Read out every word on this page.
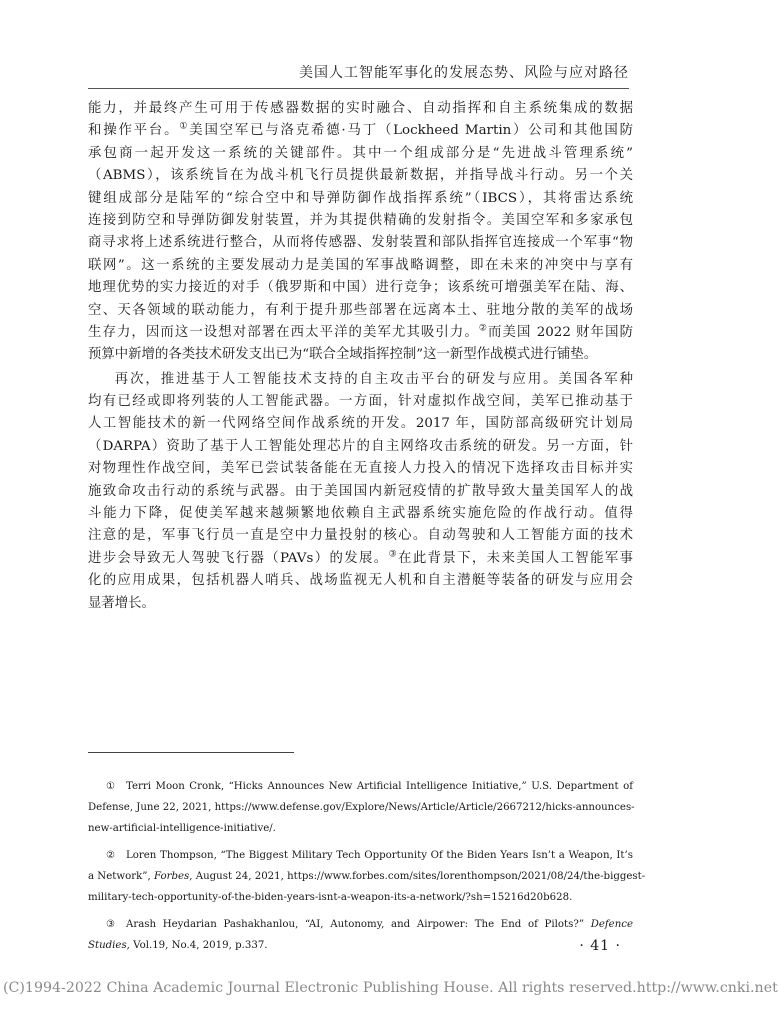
美国人工智能军事化的发展态势、风险与应对路径
能力，并最终产生可用于传感器数据的实时融合、自动指挥和自主系统集成的数据
和操作平台。①美国空军已与洛克希德·马丁（Lockheed Martin）公司和其他国防
承包商一起开发这一系统的关键部件。其中一个组成部分是“先进战斗管理系统”
（ABMS），该系统旨在为战斗机飞行员提供最新数据，并指导战斗行动。另一个关
键组成部分是陆军的“综合空中和导弹防御作战指挥系统”（IBCS），其将雷达系统
连接到防空和导弹防御发射装置，并为其提供精确的发射指令。美国空军和多家承包
商寻求将上述系统进行整合，从而将传感器、发射装置和部队指挥官连接成一个军事“物
联网”。这一系统的主要发展动力是美国的军事战略调整，即在未来的冲突中与享有
地理优势的实力接近的对手（俄罗斯和中国）进行竞争；该系统可增强美军在陆、海、
空、天各领域的联动能力，有利于提升那些部署在远离本土、驻地分散的美军的战场
生存力，因而这一设想对部署在西太平洋的美军尤其吸引力。②而美国 2022 财年国防
预算中新增的各类技术研发支出已为“联合全域指挥控制”这一新型作战模式进行铺垫。
再次，推进基于人工智能技术支持的自主攻击平台的研发与应用。美国各军种
均有已经或即将列装的人工智能武器。一方面，针对虚拟作战空间，美军已推动基于
人工智能技术的新一代网络空间作战系统的开发。2017 年，国防部高级研究计划局
（DARPA）资助了基于人工智能处理芯片的自主网络攻击系统的研发。另一方面，针
对物理性作战空间，美军已尝试装备能在无直接人力投入的情况下选择攻击目标并实
施致命攻击行动的系统与武器。由于美国国内新冠疫情的扩散导致大量美国军人的战
斗能力下降，促使美军越来越频繁地依赖自主武器系统实施危险的作战行动。值得
注意的是，军事飞行员一直是空中力量投射的核心。自动驾驶和人工智能方面的技术
进步会导致无人驾驶飞行器（PAVs）的发展。③在此背景下，未来美国人工智能军事
化的应用成果，包括机器人哨兵、战场监视无人机和自主潜艇等装备的研发与应用会
显著增长。
① Terri Moon Cronk, “Hicks Announces New Artificial Intelligence Initiative,” U.S. Department of
Defense, June 22, 2021, https://www.defense.gov/Explore/News/Article/Article/2667212/hicks-announces-
new-artificial-intelligence-initiative/.
② Loren Thompson, “The Biggest Military Tech Opportunity Of the Biden Years Isn’t a Weapon, It’s
a Network”, Forbes, August 24, 2021, https://www.forbes.com/sites/lorenthompson/2021/08/24/the-biggest-
military-tech-opportunity-of-the-biden-years-isnt-a-weapon-its-a-network/?sh=15216d20b628.
③ Arash Heydarian Pashakhanlou, “AI, Autonomy, and Airpower: The End of Pilots?” Defence
Studies, Vol.19, No.4, 2019, p.337.	· 41 ·
(C)1994-2022 China Academic Journal Electronic Publishing House. All rights reserved. http://www.cnki.net
